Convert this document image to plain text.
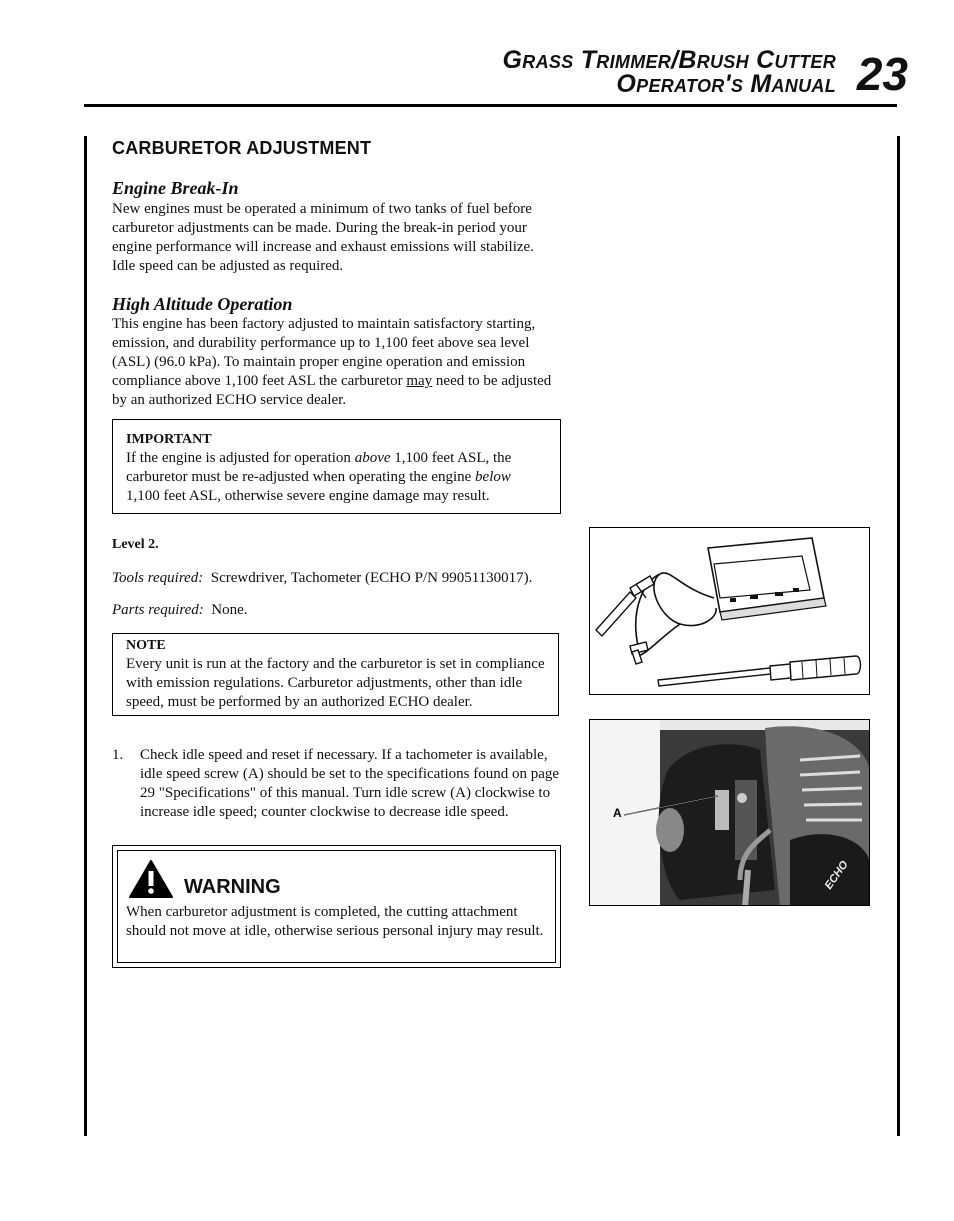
Grass Trimmer/Brush Cutter
Operator's Manual 23
CARBURETOR ADJUSTMENT
Engine Break-In
New engines must be operated a minimum of two tanks of fuel before carburetor adjustments can be made. During the break-in period your engine performance will increase and exhaust emissions will stabilize. Idle speed can be adjusted as required.
High Altitude Operation
This engine has been factory adjusted to maintain satisfactory starting, emission, and durability performance up to 1,100 feet above sea level (ASL) (96.0 kPa). To maintain proper engine operation and emission compliance above 1,100 feet ASL the carburetor may need to be adjusted by an authorized ECHO service dealer.
IMPORTANT
If the engine is adjusted for operation above 1,100 feet ASL, the carburetor must be re-adjusted when operating the engine below 1,100 feet ASL, otherwise severe engine damage may result.
Level 2.
Tools required: Screwdriver, Tachometer (ECHO P/N 99051130017).
Parts required: None.
NOTE
Every unit is run at the factory and the carburetor is set in compliance with emission regulations. Carburetor adjustments, other than idle speed, must be performed by an authorized ECHO dealer.
1. Check idle speed and reset if necessary. If a tachometer is available, idle speed screw (A) should be set to the specifications found on page 29 "Specifications" of this manual. Turn idle screw (A) clockwise to increase idle speed; counter clockwise to decrease idle speed.
WARNING
When carburetor adjustment is completed, the cutting attachment should not move at idle, otherwise serious personal injury may result.
ECHO
A
